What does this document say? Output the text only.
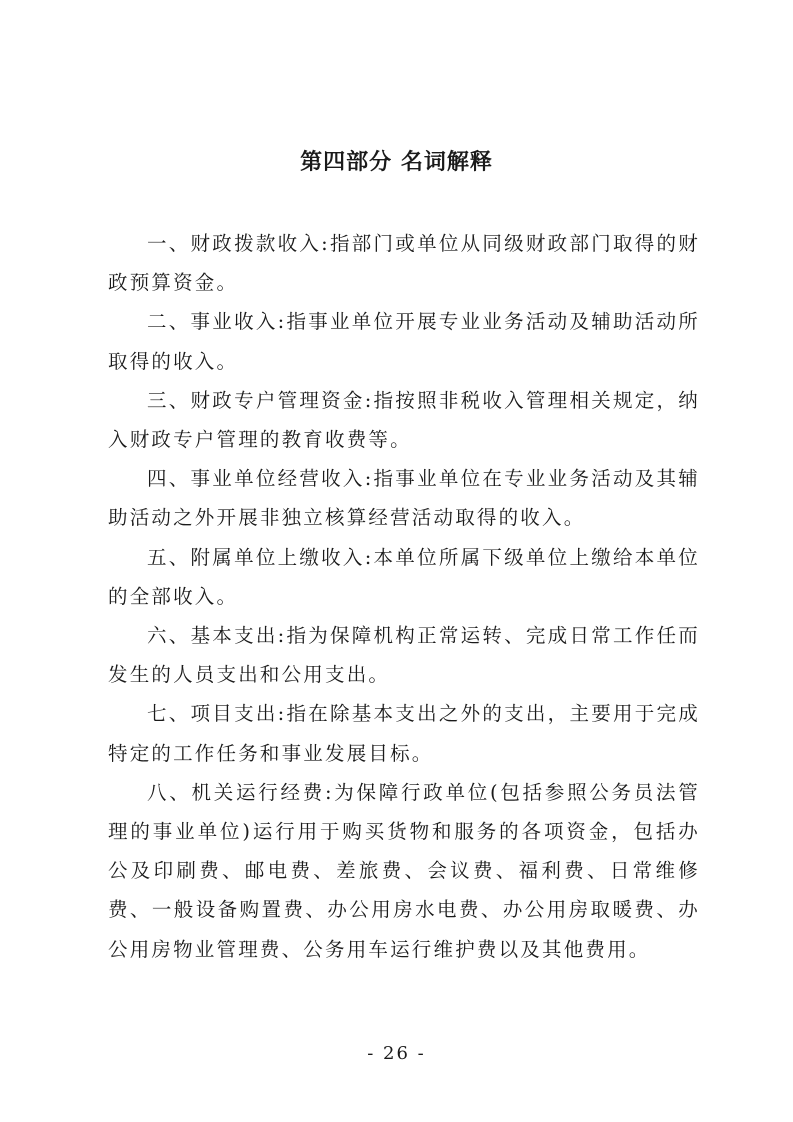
第四部分 名词解释

一、财政拨款收入:指部门或单位从同级财政部门取得的财政预算资金。

二、事业收入:指事业单位开展专业业务活动及辅助活动所取得的收入。

三、财政专户管理资金:指按照非税收入管理相关规定，纳入财政专户管理的教育收费等。

四、事业单位经营收入:指事业单位在专业业务活动及其辅助活动之外开展非独立核算经营活动取得的收入。

五、附属单位上缴收入:本单位所属下级单位上缴给本单位的全部收入。

六、基本支出:指为保障机构正常运转、完成日常工作任而发生的人员支出和公用支出。

七、项目支出:指在除基本支出之外的支出，主要用于完成特定的工作任务和事业发展目标。

八、机关运行经费:为保障行政单位(包括参照公务员法管理的事业单位)运行用于购买货物和服务的各项资金，包括办公及印刷费、邮电费、差旅费、会议费、福利费、日常维修费、一般设备购置费、办公用房水电费、办公用房取暖费、办公用房物业管理费、公务用车运行维护费以及其他费用。

- 26 -
